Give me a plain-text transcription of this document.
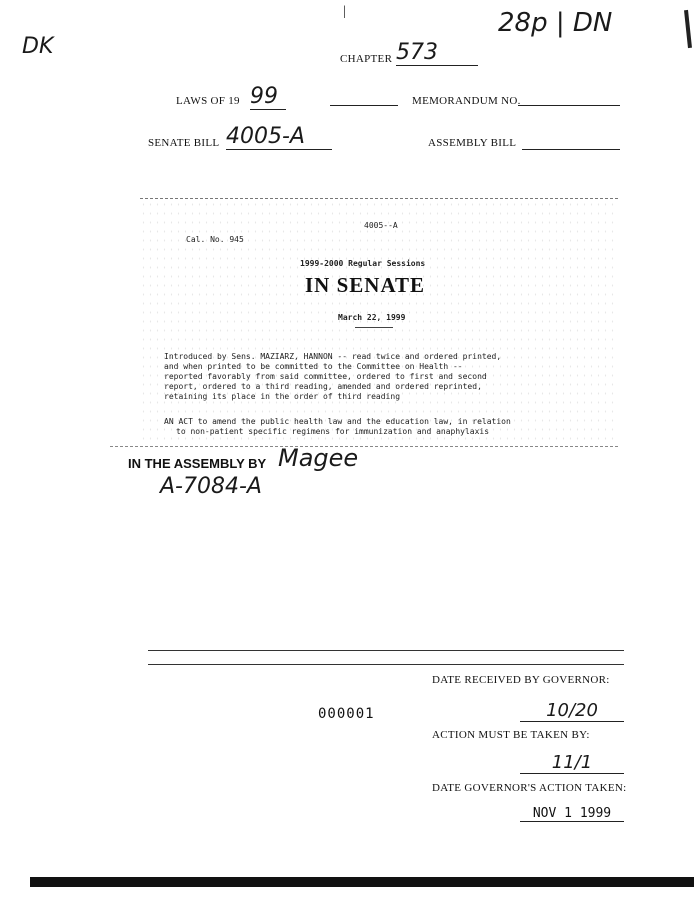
|
DK
28p | DN
CHAPTER 573
LAWS OF 19 99	MEMORANDUM NO.
SENATE BILL 4005-A	ASSEMBLY BILL
4005--A
Cal. No. 945
1999-2000 Regular Sessions
IN SENATE
March 22, 1999
Introduced by Sens. MAZIARZ, HANNON -- read twice and ordered printed,
and when printed to be committed to the Committee on Health --
reported favorably from said committee, ordered to first and second
report, ordered to a third reading, amended and ordered reprinted,
retaining its place in the order of third reading
AN ACT to amend the public health law and the education law, in relation
to non-patient specific regimens for immunization and anaphylaxis
IN THE ASSEMBLY BY Magee
A-7084-A
DATE RECEIVED BY GOVERNOR:
000001	10/20
ACTION MUST BE TAKEN BY:
11/1
DATE GOVERNOR'S ACTION TAKEN:
NOV 1 1999
